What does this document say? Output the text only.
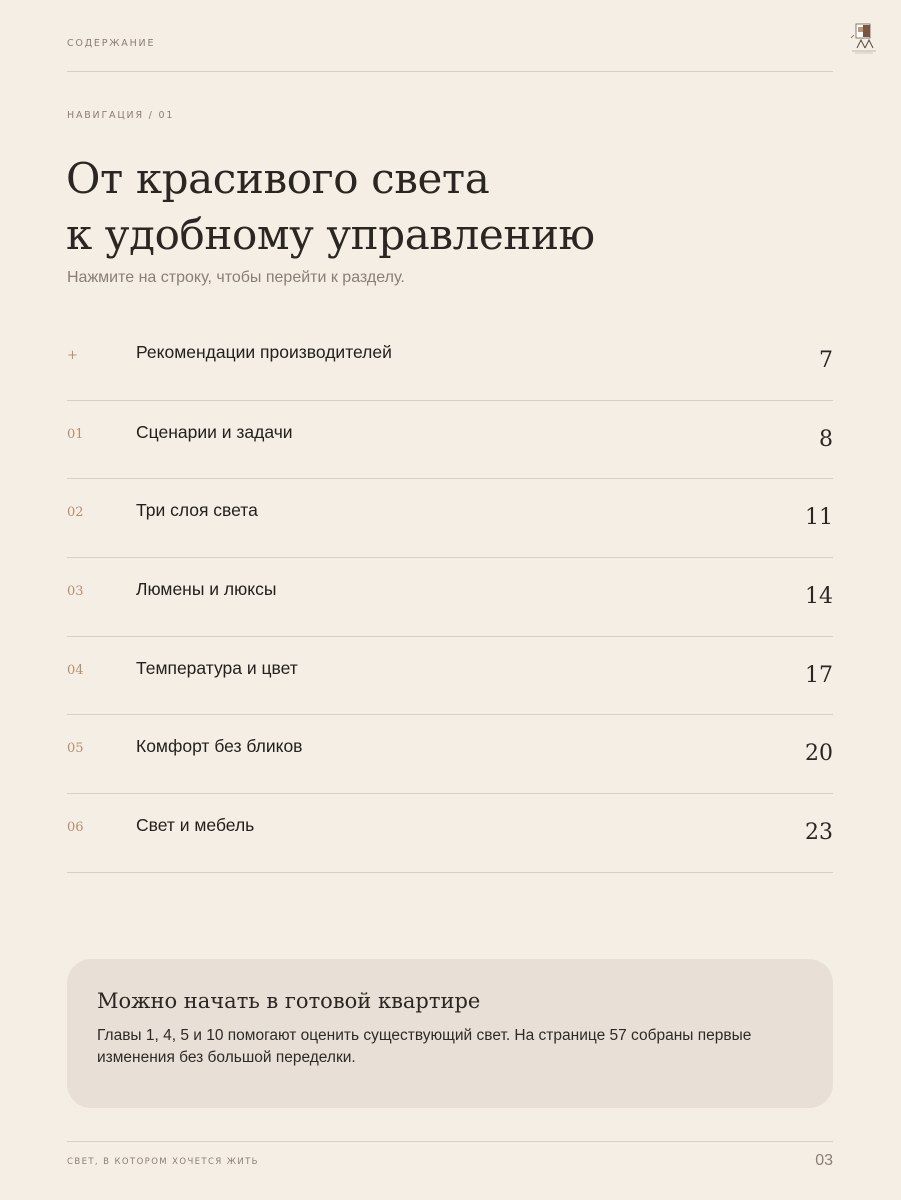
СОДЕРЖАНИЕ
НАВИГАЦИЯ / 01
От красивого света
к удобному управлению
Нажмите на строку, чтобы перейти к разделу.
+	Рекомендации производителей	7
01	Сценарии и задачи	8
02	Три слоя света	11
03	Люмены и люксы	14
04	Температура и цвет	17
05	Комфорт без бликов	20
06	Свет и мебель	23
Можно начать в готовой квартире
Главы 1, 4, 5 и 10 помогают оценить существующий свет. На странице 57 собраны первые изменения без большой переделки.
СВЕТ, В КОТОРОМ ХОЧЕТСЯ ЖИТЬ	03
